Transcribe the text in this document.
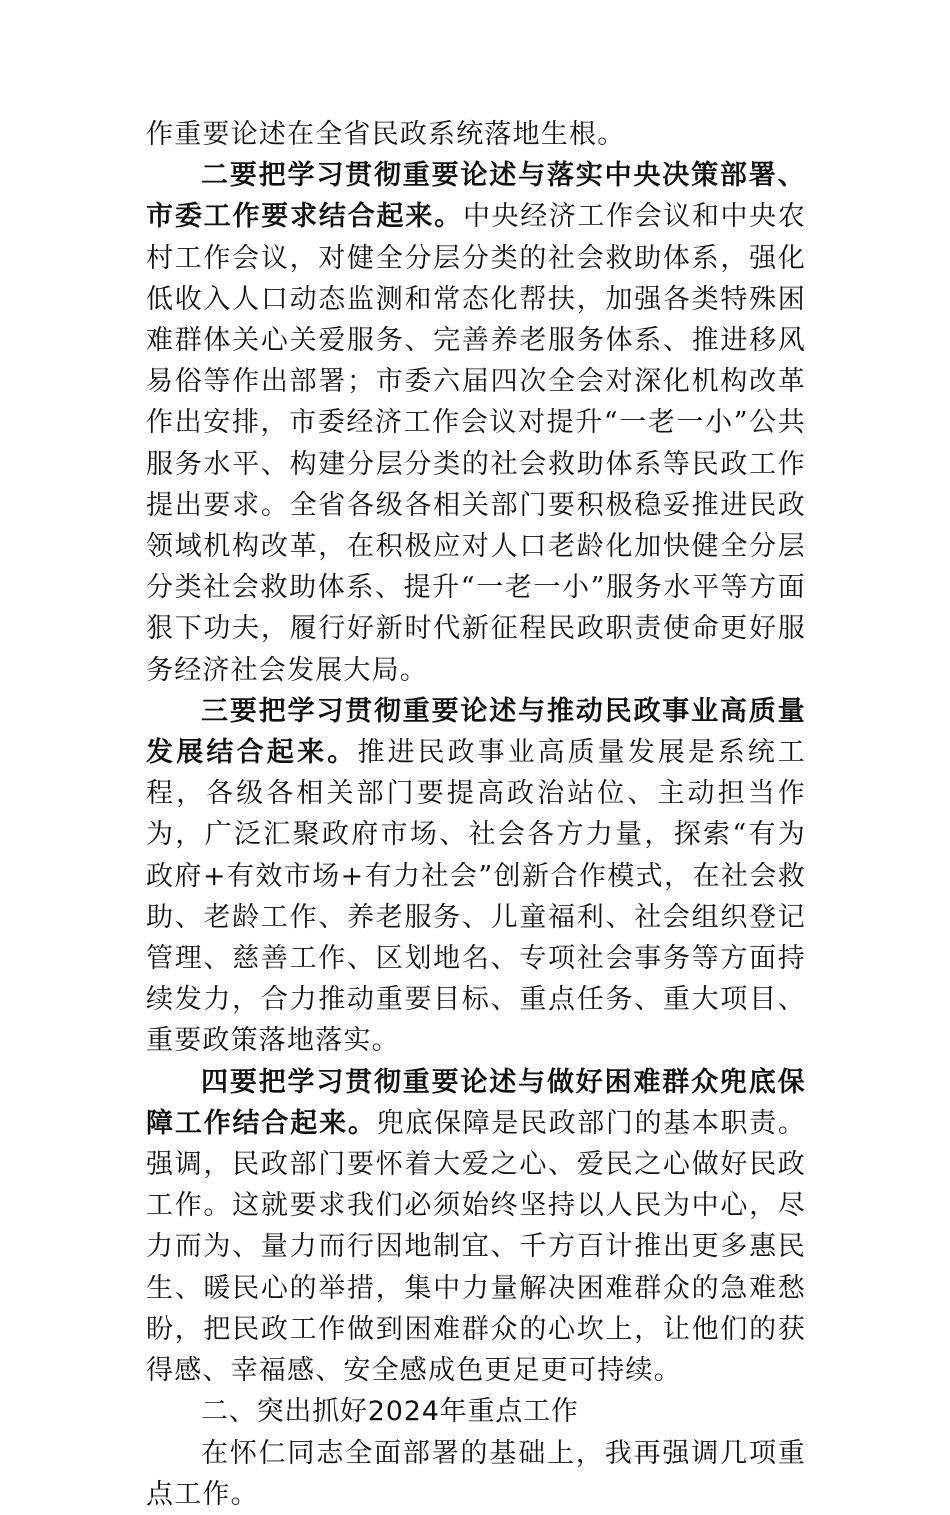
作重要论述在全省民政系统落地生根。

二要把学习贯彻重要论述与落实中央决策部署、市委工作要求结合起来。中央经济工作会议和中央农村工作会议，对健全分层分类的社会救助体系，强化低收入人口动态监测和常态化帮扶，加强各类特殊困难群体关心关爱服务、完善养老服务体系、推进移风易俗等作出部署；市委六届四次全会对深化机构改革作出安排，市委经济工作会议对提升“一老一小”公共服务水平、构建分层分类的社会救助体系等民政工作提出要求。全省各级各相关部门要积极稳妥推进民政领域机构改革，在积极应对人口老龄化加快健全分层分类社会救助体系、提升“一老一小”服务水平等方面狠下功夫，履行好新时代新征程民政职责使命更好服务经济社会发展大局。

三要把学习贯彻重要论述与推动民政事业高质量发展结合起来。推进民政事业高质量发展是系统工程，各级各相关部门要提高政治站位、主动担当作为，广泛汇聚政府市场、社会各方力量，探索“有为政府+有效市场+有力社会”创新合作模式，在社会救助、老龄工作、养老服务、儿童福利、社会组织登记管理、慈善工作、区划地名、专项社会事务等方面持续发力，合力推动重要目标、重点任务、重大项目、重要政策落地落实。

四要把学习贯彻重要论述与做好困难群众兜底保障工作结合起来。兜底保障是民政部门的基本职责。强调，民政部门要怀着大爱之心、爱民之心做好民政工作。这就要求我们必须始终坚持以人民为中心，尽力而为、量力而行因地制宜、千方百计推出更多惠民生、暖民心的举措，集中力量解决困难群众的急难愁盼，把民政工作做到困难群众的心坎上，让他们的获得感、幸福感、安全感成色更足更可持续。

二、突出抓好2024年重点工作

在怀仁同志全面部署的基础上，我再强调几项重点工作。
